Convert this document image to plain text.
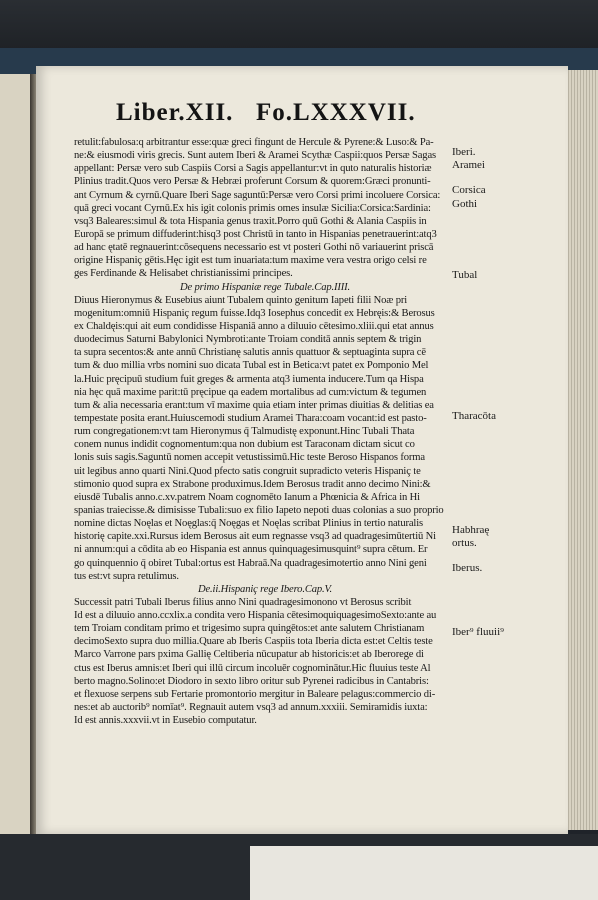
Liber.XII. Fo.LXXXVII.
retulit:fabulosa:q arbitrantur esse:quæ greci fingunt de Hercule & Pyrene:& Luso:& Pa-
ne:& eiusmodi viris grecis. Sunt autem Iberi & Aramei Scythæ Caspii:quos Persæ Sagas
appellant: Persæ vero sub Caspiis Corsi a Sagis appellantur:vt in quto naturalis historiæ
Plinius tradit.Quos vero Persæ & Hebræi proferunt Corsum & quorem:Græci pronunti-
ant Cyrnum & cyrnū.Quare Iberi Sage saguntū:Persæ vero Corsi primi incoluere Corsica:
quā greci vocant Cyrnū.Ex his igit colonis primis omes insulæ Sicilia:Corsica:Sardinia:
vsq3 Baleares:simul & tota Hispania genus traxit.Porro quū Gothi & Alania Caspiis in
Europā se primum diffuderint:hisq3 post Christū in tanto in Hispanias penetrauerint:atq3
ad hanc ętatē regnauerint:cōsequens necessario est vt posteri Gothi nō variauerint priscā
origine Hispaniç gētis.Hęc igit est tum inuariata:tum maxime vera vestra origo celsi re
ges Ferdinande & Helisabet christianissimi principes.
De primo Hispaniæ rege Tubale.Cap.IIII.
Diuus Hieronymus & Eusebius aiunt Tubalem quinto genitum Iapeti filii Noæ pri
mogenitum:omniū Hispaniç regum fuisse.Idq3 Iosephus concedit ex Hebręis:& Berosus
ex Chaldęis:qui ait eum condidisse Hispaniā anno a diluuio cētesimo.xliii.qui etat annus
duodecimus Saturni Babylonici Nymbroti:ante Troiam conditā annis septem & trigin
ta supra secentos:& ante annū Christianę salutis annis quattuor & septuaginta supra cē
tum & duo millia vrbs nomini suo dicata Tubal est in Betica:vt patet ex Pomponio Mel
la.Huic pręcipuū studium fuit greges & armenta atq3 iumenta inducere.Tum qa Hispa
nia hęc quā maxime parit:tū pręcipue qa eadem mortalibus ad cum:victum & tegumen
tum & alia necessaria erant:tum vī maxime quia etiam inter primas diuitias & delitias ea
tempestate posita erant.Huiuscemodi studium Aramei Thara:coam vocant:id est pasto-
rum congregationem:vt tam Hieronymus q̄ Talmudistę exponunt.Hinc Tubali Thata
conem nunus indidit cognomentum:qua non dubium est Taraconam dictam sicut co
lonis suis sagis.Saguntū nomen accepit vetustissimū.Hic teste Beroso Hispanos forma
uit legibus anno quarti Nini.Quod pfecto satis congruit supradicto veteris Hispaniç te
stimonio quod supra ex Strabone produximus.Idem Berosus tradit anno decimo Nini:&
eiusdē Tubalis anno.c.xv.patrem Noam cognomēto Ianum a Phœnicia & Africa in Hi
spanias traiecisse.& dimisisse Tubali:suo ex filio Iapeto nepoti duas colonias a suo proprio
nomine dictas Noęlas et Noęglas:q̄ Noęgas et Noęlas scribat Plinius in tertio naturalis
historię capite.xxi.Rursus idem Berosus ait eum regnasse vsq3 ad quadragesimūtertiū Ni
ni annum:qui a cōdita ab eo Hispania est annus quinquagesimusquint⁹ supra cētum. Er
go quinquennio q̄ obiret Tubal:ortus est Habraā.Na quadragesimotertio anno Nini geni
tus est:vt supra retulimus.
De.ii.Hispaniç rege Ibero.Cap.V.
Successit patri Tubali Iberus filius anno Nini quadragesimonono vt Berosus scribit
Id est a diluuio anno.ccxlix.a condita vero Hispania cētesimoquiquagesimoSexto:ante au
tem Troiam conditam primo et trigesimo supra quingētos:et ante salutem Christianam
decimoSexto supra duo millia.Quare ab Iberis Caspiis tota Iberia dicta est:et Celtis teste
Marco Varrone pars pxima Gallię Celtiberia nūcupatur ab historicis:et ab Iberorege di
ctus est Iberus amnis:et Iberi qui illū circum incoluēr cognominātur.Hic fluuius teste Al
berto magno.Solino:et Diodoro in sexto libro oritur sub Pyrenei radicibus in Cantabris:
et flexuose serpens sub Fertarie promontorio mergitur in Baleare pelagus:commercio di-
nes:et ab auctorib⁹ nomīat⁹. Regnauit autem vsq3 ad annum.xxxiii. Semiramidis iuxta:
Id est annis.xxxvii.vt in Eusebio computatur.
Iberi.
Aramei
Corsica
Gothi
Tubal
Tharacōta
Habhraę
ortus.
Iberus.
Iber⁹ fluuii⁹
